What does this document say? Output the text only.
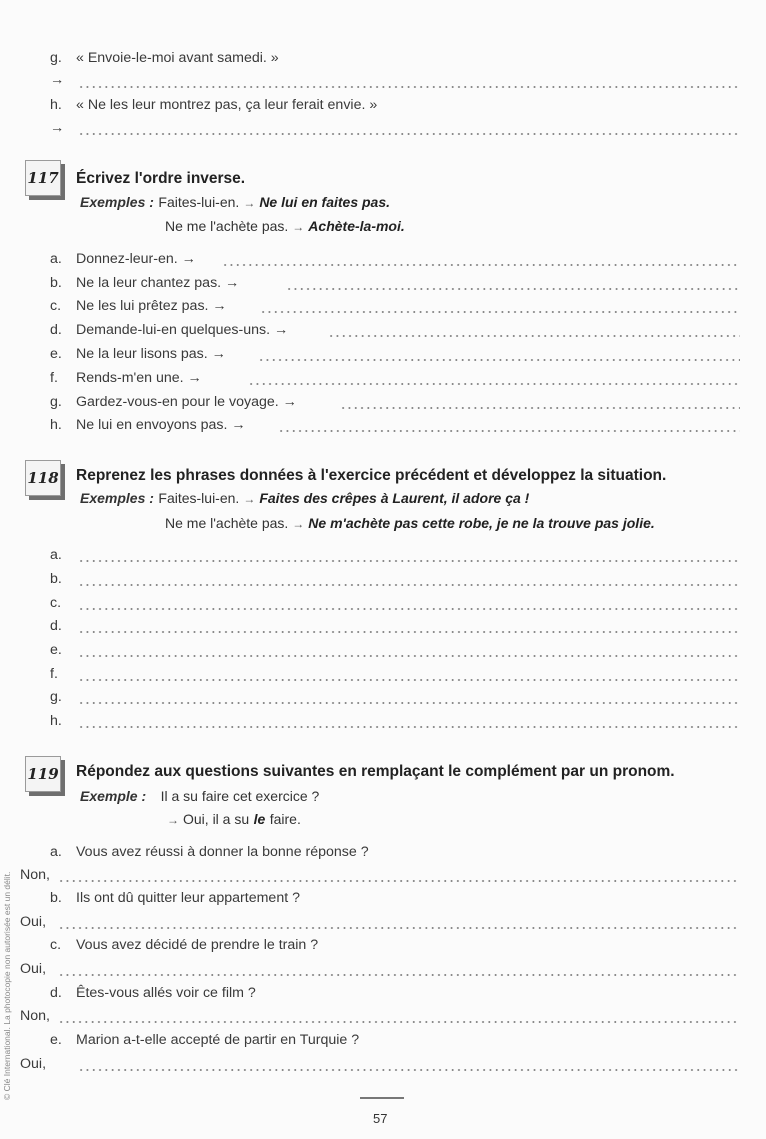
g. « Envoie-le-moi avant samedi. »
→
h. « Ne les leur montrez pas, ça leur ferait envie. »
→
117 Écrivez l'ordre inverse.
Exemples : Faites-lui-en. → Ne lui en faites pas.
Ne me l'achète pas. → Achète-la-moi.
a. Donnez-leur-en. →
b. Ne la leur chantez pas. →
c. Ne les lui prêtez pas. →
d. Demande-lui-en quelques-uns. →
e. Ne la leur lisons pas. →
f. Rends-m'en une. →
g. Gardez-vous-en pour le voyage. →
h. Ne lui en envoyons pas. →
118 Reprenez les phrases données à l'exercice précédent et développez la situation.
Exemples : Faites-lui-en. → Faites des crêpes à Laurent, il adore ça !
Ne me l'achète pas. → Ne m'achète pas cette robe, je ne la trouve pas jolie.
a.
b.
c.
d.
e.
f.
g.
h.
119 Répondez aux questions suivantes en remplaçant le complément par un pronom.
Exemple : Il a su faire cet exercice ?
→ Oui, il a su le faire.
a. Vous avez réussi à donner la bonne réponse ?
Non,
b. Ils ont dû quitter leur appartement ?
Oui,
c. Vous avez décidé de prendre le train ?
Oui,
d. Êtes-vous allés voir ce film ?
Non,
e. Marion a-t-elle accepté de partir en Turquie ?
Oui,
© Clé International. La photocopie non autorisée est un délit.
57
